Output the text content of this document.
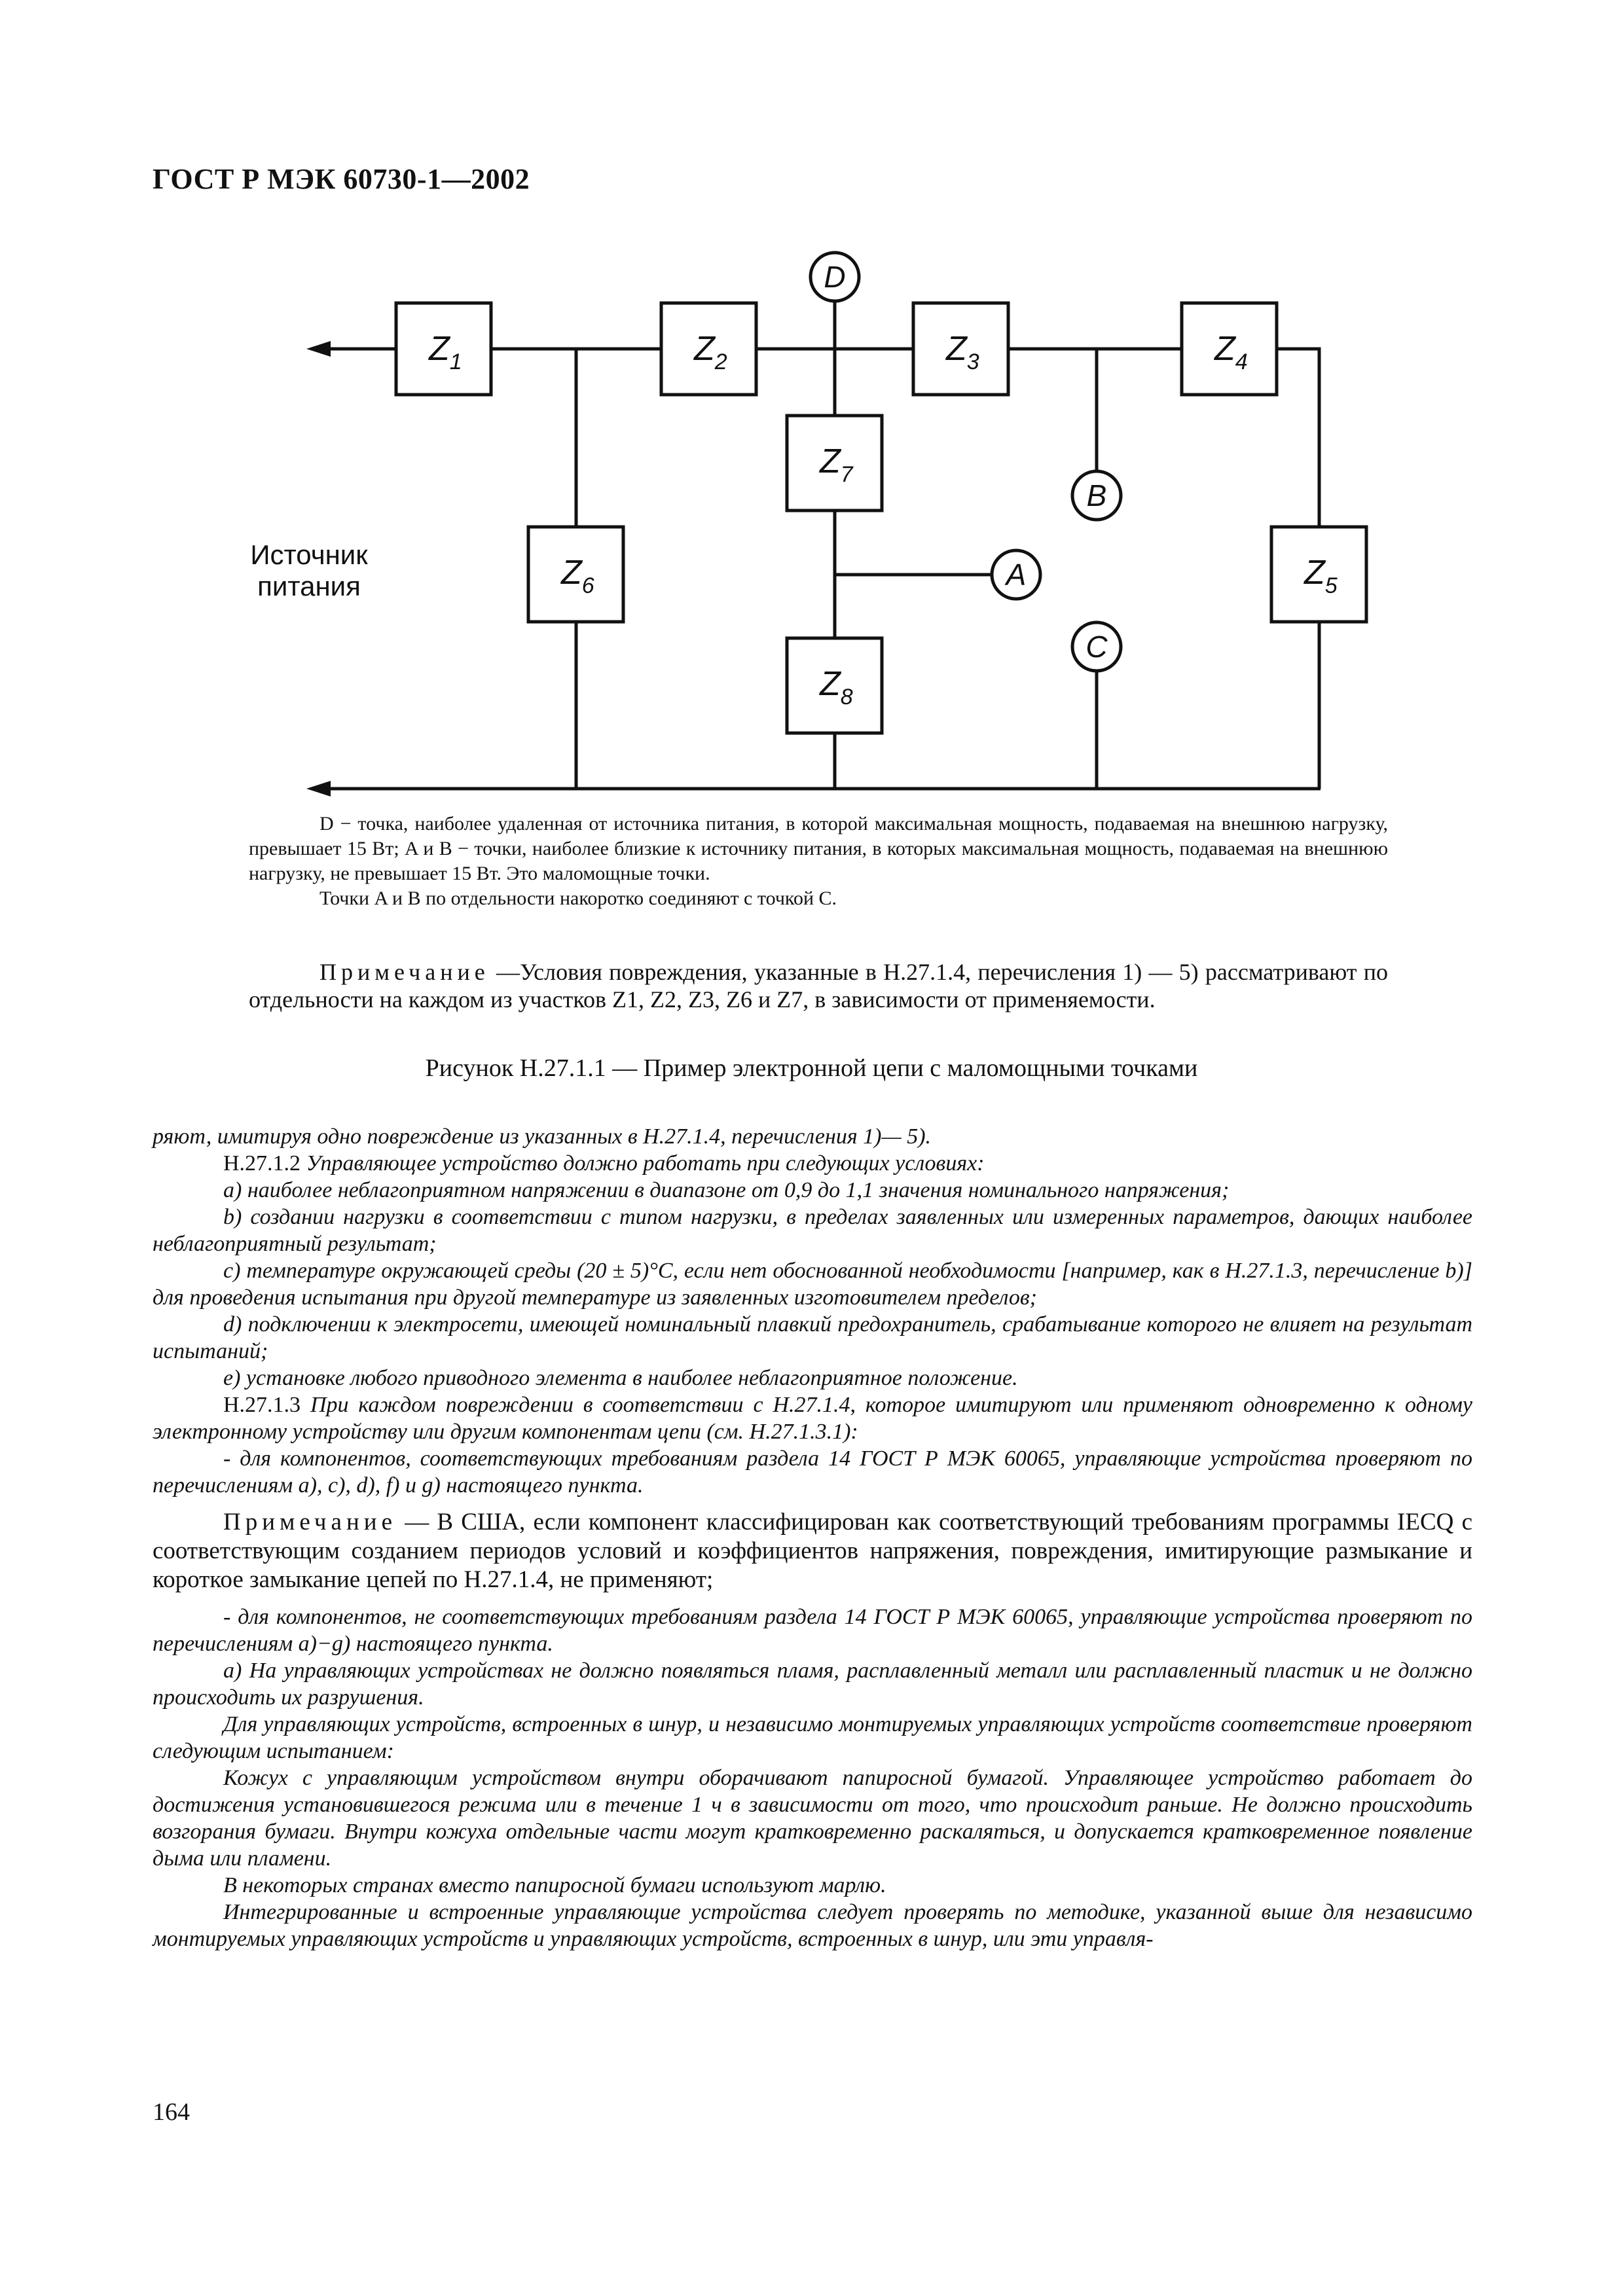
ГОСТ Р МЭК 60730-1—2002
$Z_1$	$Z_2$	$Z_3$	$Z_4$
$Z_5$
$Z_6$
$Z_7$
$Z_8$
D
A
B
C
Источник
питания

D − точка, наиболее удаленная от источника питания, в которой максимальная мощность, подаваемая на внешнюю нагрузку, превышает 15 Вт; A и B − точки, наиболее близкие к источнику питания, в которых максимальная мощность, подаваемая на внешнюю нагрузку, не превышает 15 Вт. Это маломощные точки.

Точки A и B по отдельности накоротко соединяют с точкой C.

Примечание —Условия повреждения, указанные в Н.27.1.4, перечисления 1) — 5) рассматривают по отдельности на каждом из участков Z1, Z2, Z3, Z6 и Z7, в зависимости от применяемости.

Рисунок Н.27.1.1 — Пример электронной цепи с маломощными точками

ряют, имитируя одно повреждение из указанных в Н.27.1.4, перечисления 1)— 5).

Н.27.1.2 Управляющее устройство должно работать при следующих условиях:

а) наиболее неблагоприятном напряжении в диапазоне от 0,9 до 1,1 значения номинального напряжения;

b) создании нагрузки в соответствии с типом нагрузки, в пределах заявленных или измеренных параметров, дающих наиболее неблагоприятный результат;

c) температуре окружающей среды (20 ± 5)°С, если нет обоснованной необходимости [например, как в Н.27.1.3, перечисление b)] для проведения испытания при другой температуре из заявленных изготовителем пределов;

d) подключении к электросети, имеющей номинальный плавкий предохранитель, срабатывание которого не влияет на результат испытаний;

e) установке любого приводного элемента в наиболее неблагоприятное положение.

Н.27.1.3 При каждом повреждении в соответствии с Н.27.1.4, которое имитируют или применяют одновременно к одному электронному устройству или другим компонентам цепи (см. Н.27.1.3.1):

- для компонентов, соответствующих требованиям раздела 14 ГОСТ Р МЭК 60065, управляющие устройства проверяют по перечислениям a), c), d), f) и g) настоящего пункта.

Примечание — В США, если компонент классифицирован как соответствующий требованиям программы IECQ с соответствующим созданием периодов условий и коэффициентов напряжения, повреждения, имитирующие размыкание и короткое замыкание цепей по Н.27.1.4, не применяют;

- для компонентов, не соответствующих требованиям раздела 14 ГОСТ Р МЭК 60065, управляющие устройства проверяют по перечислениям a)−g) настоящего пункта.

а) На управляющих устройствах не должно появляться пламя, расплавленный металл или расплавленный пластик и не должно происходить их разрушения.

Для управляющих устройств, встроенных в шнур, и независимо монтируемых управляющих устройств соответствие проверяют следующим испытанием:

Кожух с управляющим устройством внутри оборачивают папиросной бумагой. Управляющее устройство работает до достижения установившегося режима или в течение 1 ч в зависимости от того, что происходит раньше. Не должно происходить возгорания бумаги. Внутри кожуха отдельные части могут кратковременно раскаляться, и допускается кратковременное появление дыма или пламени.

В некоторых странах вместо папиросной бумаги используют марлю.

Интегрированные и встроенные управляющие устройства следует проверять по методике, указанной выше для независимо монтируемых управляющих устройств и управляющих устройств, встроенных в шнур, или эти управля-

164
